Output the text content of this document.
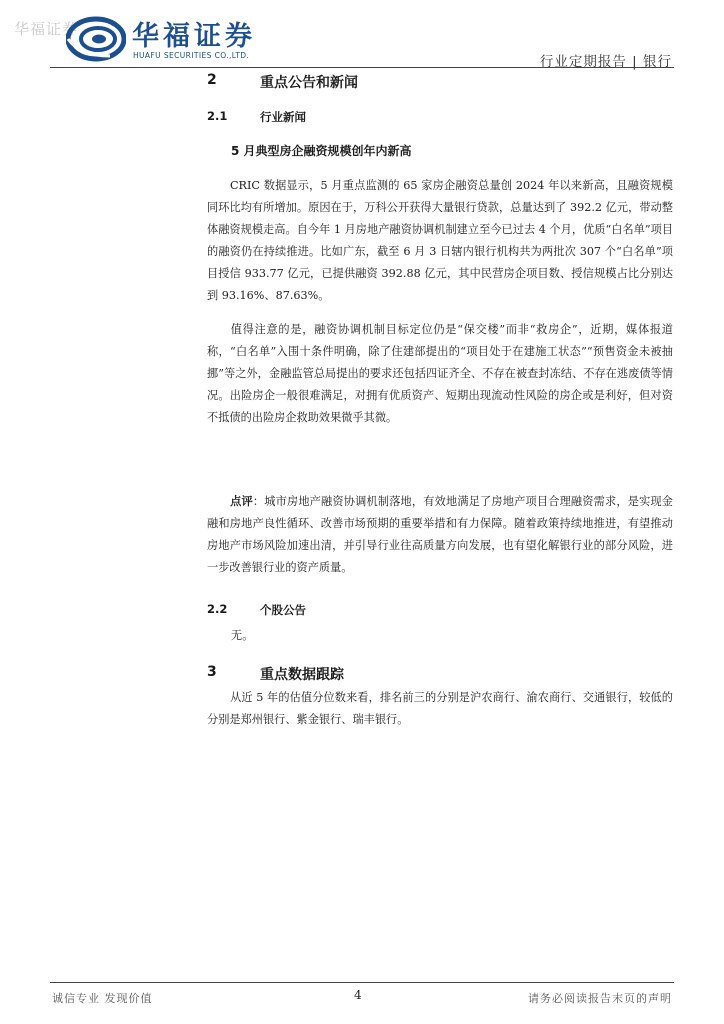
华福证券 华福证券
HUAFU SECURITIES CO.,LTD.	行业定期报告 | 银行
2	重点公告和新闻
2.1	行业新闻
5 月典型房企融资规模创年内新高

CRIC 数据显示，5 月重点监测的 65 家房企融资总量创 2024 年以来新高，且融资规模同环比均有所增加。原因在于，万科公开获得大量银行贷款，总量达到了 392.2 亿元，带动整体融资规模走高。自今年 1 月房地产融资协调机制建立至今已过去 4 个月，优质“白名单”项目的融资仍在持续推进。比如广东，截至 6 月 3 日辖内银行机构共为两批次 307 个“白名单”项目授信 933.77 亿元，已提供融资 392.88 亿元，其中民营房企项目数、授信规模占比分别达到 93.16%、87.63%。

值得注意的是，融资协调机制目标定位仍是“保交楼”而非“救房企”，近期，媒体报道称，“白名单”入围十条件明确，除了住建部提出的“项目处于在建施工状态”“预售资金未被抽挪”等之外，金融监管总局提出的要求还包括四证齐全、不存在被查封冻结、不存在逃废债等情况。出险房企一般很难满足，对拥有优质资产、短期出现流动性风险的房企或是利好，但对资不抵债的出险房企救助效果微乎其微。

点评：城市房地产融资协调机制落地，有效地满足了房地产项目合理融资需求，是实现金融和房地产良性循环、改善市场预期的重要举措和有力保障。随着政策持续地推进，有望推动房地产市场风险加速出清，并引导行业往高质量方向发展，也有望化解银行业的部分风险，进一步改善银行业的资产质量。

2.2	个股公告
无。
3	重点数据跟踪

从近 5 年的估值分位数来看，排名前三的分别是沪农商行、渝农商行、交通银行，较低的分别是郑州银行、紫金银行、瑞丰银行。

诚信专业 发现价值	4	请务必阅读报告末页的声明
